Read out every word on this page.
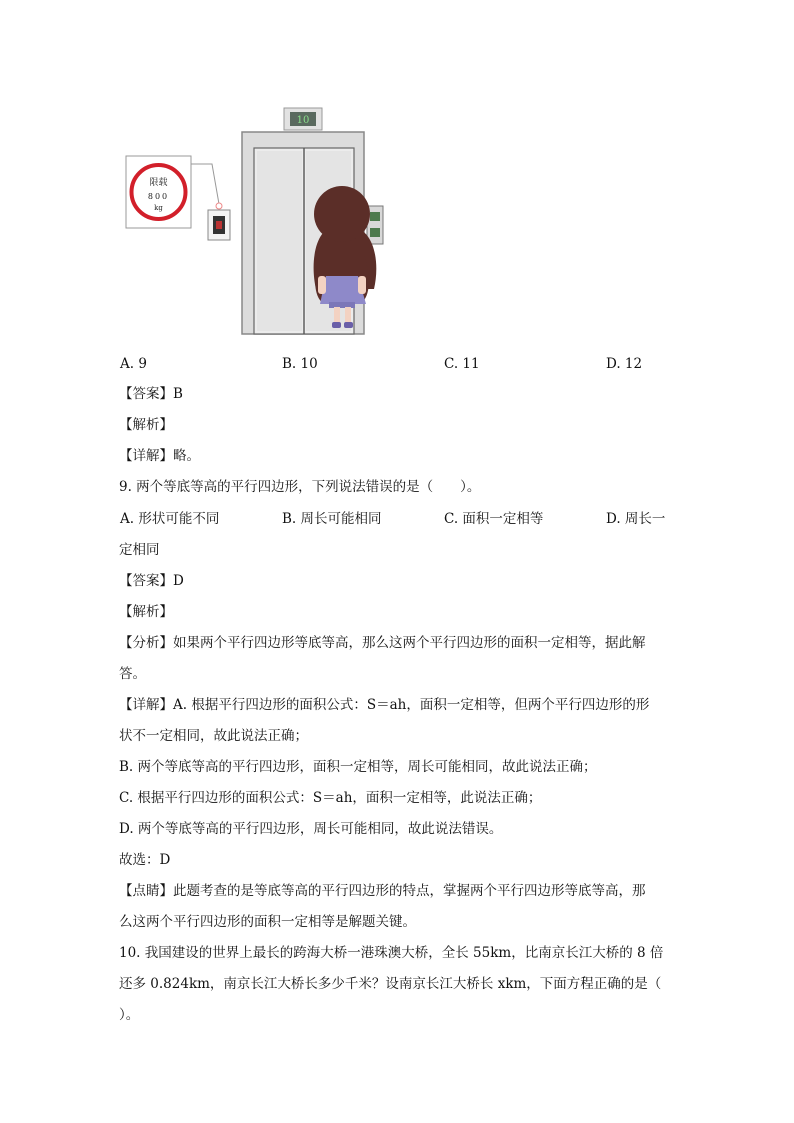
限载
800
kg
10
A. 9	B. 10	C. 11	D. 12
【答案】B
【解析】
【详解】略。
9. 两个等底等高的平行四边形，下列说法错误的是（　　）。
A. 形状可能不同	B. 周长可能相同	C. 面积一定相等	D. 周长一
定相同
【答案】D
【解析】
【分析】如果两个平行四边形等底等高，那么这两个平行四边形的面积一定相等，据此解
答。
【详解】A. 根据平行四边形的面积公式：S＝ah，面积一定相等，但两个平行四边形的形
状不一定相同，故此说法正确；
B. 两个等底等高的平行四边形，面积一定相等，周长可能相同，故此说法正确；
C. 根据平行四边形的面积公式：S＝ah，面积一定相等，此说法正确；
D. 两个等底等高的平行四边形，周长可能相同，故此说法错误。
故选：D
【点睛】此题考查的是等底等高的平行四边形的特点，掌握两个平行四边形等底等高，那
么这两个平行四边形的面积一定相等是解题关键。
10. 我国建设的世界上最长的跨海大桥一港珠澳大桥，全长 55km，比南京长江大桥的 8 倍
还多 0.824km，南京长江大桥长多少千米？设南京长江大桥长 xkm，下面方程正确的是（
）。
